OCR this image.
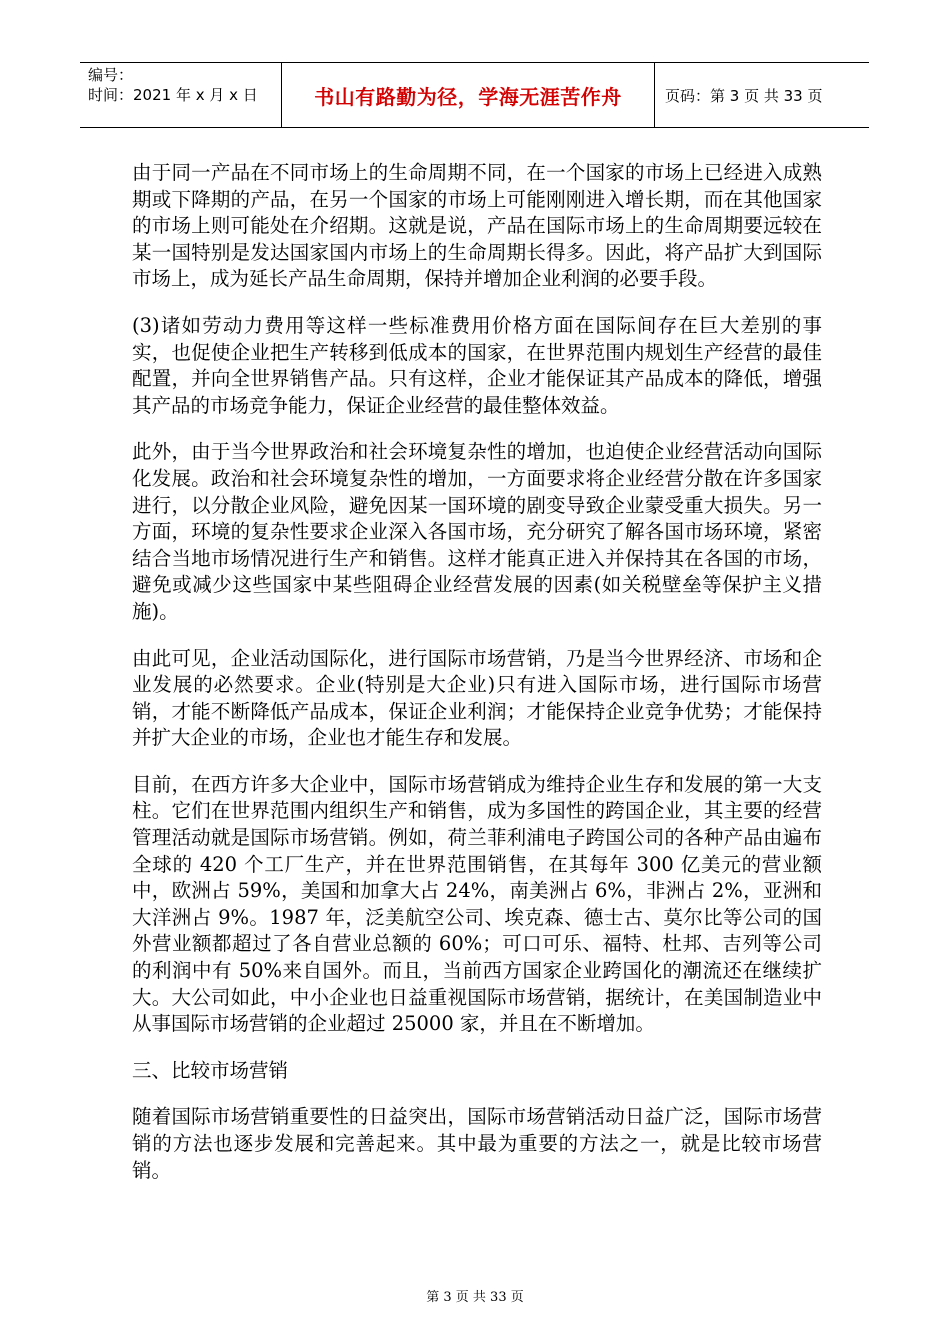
编号：
时间：2021 年 x 月 x 日	书山有路勤为径，学海无涯苦作舟	页码：第 3 页 共 33 页

由于同一产品在不同市场上的生命周期不同，在一个国家的市场上已经进入成熟期或下降期的产品，在另一个国家的市场上可能刚刚进入增长期，而在其他国家的市场上则可能处在介绍期。这就是说，产品在国际市场上的生命周期要远较在某一国特别是发达国家国内市场上的生命周期长得多。因此，将产品扩大到国际市场上，成为延长产品生命周期，保持并增加企业利润的必要手段。

(3)诸如劳动力费用等这样一些标准费用价格方面在国际间存在巨大差别的事实，也促使企业把生产转移到低成本的国家，在世界范围内规划生产经营的最佳配置，并向全世界销售产品。只有这样，企业才能保证其产品成本的降低，增强其产品的市场竞争能力，保证企业经营的最佳整体效益。

此外，由于当今世界政治和社会环境复杂性的增加，也迫使企业经营活动向国际化发展。政治和社会环境复杂性的增加，一方面要求将企业经营分散在许多国家进行，以分散企业风险，避免因某一国环境的剧变导致企业蒙受重大损失。另一方面，环境的复杂性要求企业深入各国市场，充分研究了解各国市场环境，紧密结合当地市场情况进行生产和销售。这样才能真正进入并保持其在各国的市场，避免或减少这些国家中某些阻碍企业经营发展的因素(如关税壁垒等保护主义措施)。

由此可见，企业活动国际化，进行国际市场营销，乃是当今世界经济、市场和企业发展的必然要求。企业(特别是大企业)只有进入国际市场，进行国际市场营销，才能不断降低产品成本，保证企业利润；才能保持企业竞争优势；才能保持并扩大企业的市场，企业也才能生存和发展。

目前，在西方许多大企业中，国际市场营销成为维持企业生存和发展的第一大支柱。它们在世界范围内组织生产和销售，成为多国性的跨国企业，其主要的经营管理活动就是国际市场营销。例如，荷兰菲利浦电子跨国公司的各种产品由遍布全球的 420 个工厂生产，并在世界范围销售，在其每年 300 亿美元的营业额中，欧洲占 59%，美国和加拿大占 24%，南美洲占 6%，非洲占 2%，亚洲和大洋洲占 9%。1987 年，泛美航空公司、埃克森、德士古、莫尔比等公司的国外营业额都超过了各自营业总额的 60%；可口可乐、福特、杜邦、吉列等公司的利润中有 50%来自国外。而且，当前西方国家企业跨国化的潮流还在继续扩大。大公司如此，中小企业也日益重视国际市场营销，据统计，在美国制造业中从事国际市场营销的企业超过 25000 家，并且在不断增加。

三、比较市场营销

随着国际市场营销重要性的日益突出，国际市场营销活动日益广泛，国际市场营销的方法也逐步发展和完善起来。其中最为重要的方法之一，就是比较市场营销。

第 3 页 共 33 页
